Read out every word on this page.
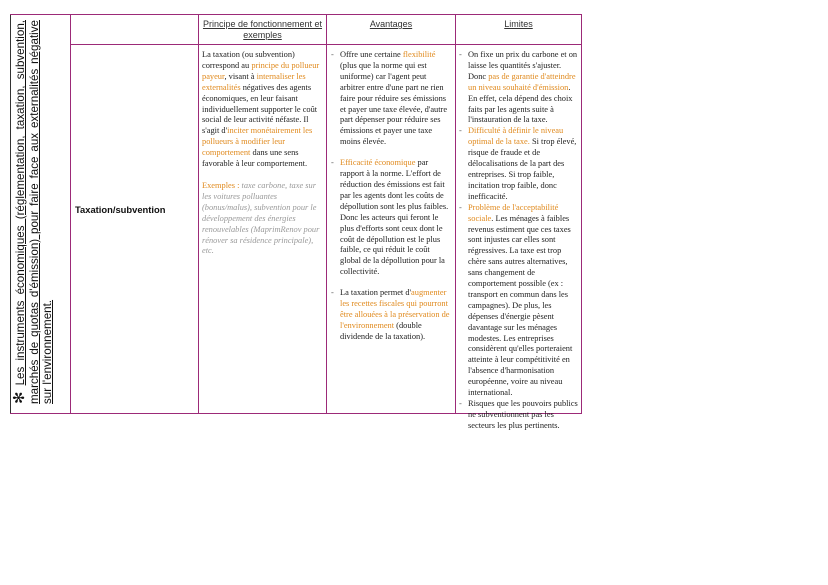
✻Les instruments économiques (réglementation, taxation, subvention, marchés de quotas d'émission) pour faire face aux externalités négative sur l'environnement.
Principe de fonctionnement et exemples
Avantages	Limites
Taxation/subvention
La taxation (ou subvention) correspond au principe du pollueur payeur, visant à internaliser les externalités négatives des agents économiques, en leur faisant individuellement supporter le coût social de leur activité néfaste. Il s'agit d'inciter monétairement les pollueurs à modifier leur comportement dans une sens favorable à leur comportement.
Exemples : taxe carbone, taxe sur les voitures polluantes (bonus/malus), subvention pour le développement des énergies renouvelables (MaprimRenov pour rénover sa résidence principale), etc.
- Offre une certaine flexibilité (plus que la norme qui est uniforme) car l'agent peut arbitrer entre d'une part ne rien faire pour réduire ses émissions et payer une taxe élevée, d'autre part dépenser pour réduire ses émissions et payer une taxe moins élevée.
- Efficacité économique par rapport à la norme. L'effort de réduction des émissions est fait par les agents dont les coûts de dépollution sont les plus faibles. Donc les acteurs qui feront le plus d'efforts sont ceux dont le coût de dépollution est le plus faible, ce qui réduit le coût global de la dépollution pour la collectivité.
- La taxation permet d'augmenter les recettes fiscales qui pourront être allouées à la préservation de l'environnement (double dividende de la taxation).
- On fixe un prix du carbone et on laisse les quantités s'ajuster. Donc pas de garantie d'atteindre un niveau souhaité d'émission. En effet, cela dépend des choix faits par les agents suite à l'instauration de la taxe.
- Difficulté à définir le niveau optimal de la taxe. Si trop élevé, risque de fraude et de délocalisations de la part des entreprises. Si trop faible, incitation trop faible, donc inefficacité.
- Problème de l'acceptabilité sociale. Les ménages à faibles revenus estiment que ces taxes sont injustes car elles sont régressives. La taxe est trop chère sans autres alternatives, sans changement de comportement possible (ex : transport en commun dans les campagnes). De plus, les dépenses d'énergie pèsent davantage sur les ménages modestes. Les entreprises considèrent qu'elles porteraient atteinte à leur compétitivité en l'absence d'harmonisation européenne, voire au niveau international.
- Risques que les pouvoirs publics ne subventionnent pas les secteurs les plus pertinents.
